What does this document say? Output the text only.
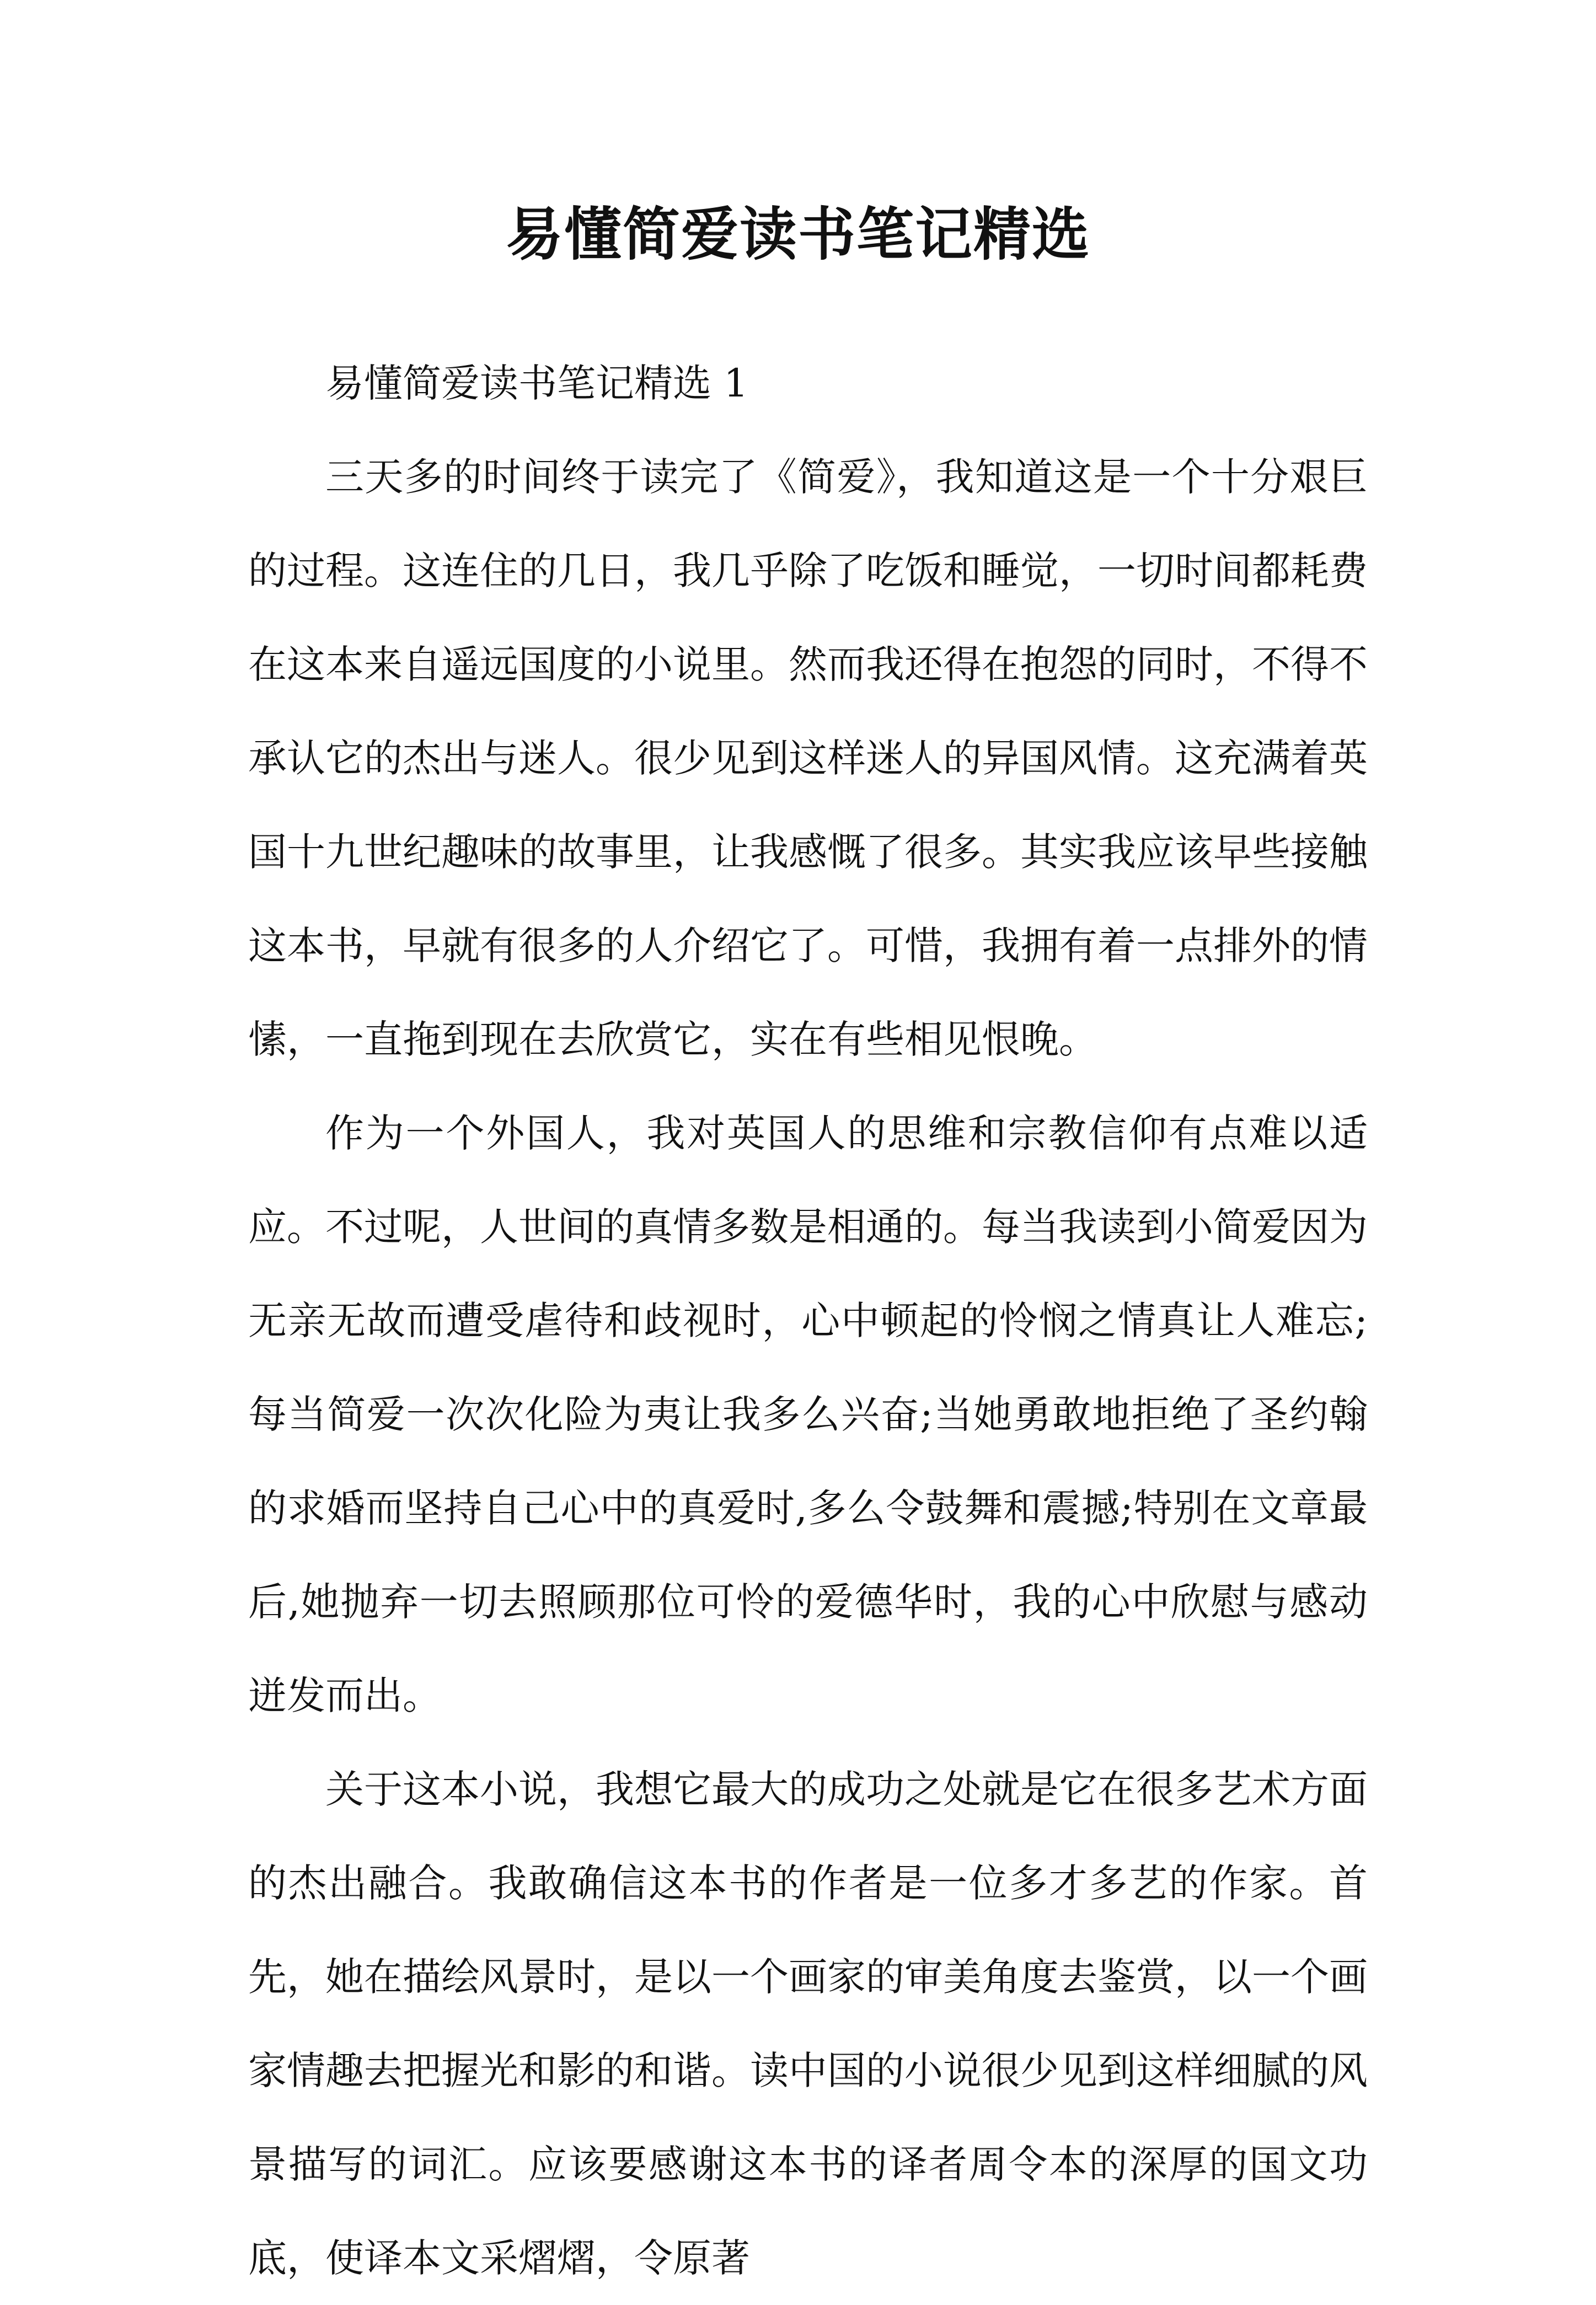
易懂简爱读书笔记精选

易懂简爱读书笔记精选 1

三天多的时间终于读完了《简爱》，我知道这是一个十分艰巨的过程。这连住的几日，我几乎除了吃饭和睡觉，一切时间都耗费在这本来自遥远国度的小说里。然而我还得在抱怨的同时，不得不承认它的杰出与迷人。很少见到这样迷人的异国风情。这充满着英国十九世纪趣味的故事里，让我感慨了很多。其实我应该早些接触这本书，早就有很多的人介绍它了。可惜，我拥有着一点排外的情愫，一直拖到现在去欣赏它，实在有些相见恨晚。

作为一个外国人，我对英国人的思维和宗教信仰有点难以适应。不过呢，人世间的真情多数是相通的。每当我读到小简爱因为无亲无故而遭受虐待和歧视时，心中顿起的怜悯之情真让人难忘;每当简爱一次次化险为夷让我多么兴奋;当她勇敢地拒绝了圣约翰的求婚而坚持自己心中的真爱时,多么令鼓舞和震撼;特别在文章最后,她抛弃一切去照顾那位可怜的爱德华时，我的心中欣慰与感动迸发而出。

关于这本小说，我想它最大的成功之处就是它在很多艺术方面的杰出融合。我敢确信这本书的作者是一位多才多艺的作家。首先，她在描绘风景时，是以一个画家的审美角度去鉴赏，以一个画家情趣去把握光和影的和谐。读中国的小说很少见到这样细腻的风景描写的词汇。应该要感谢这本书的译者周令本的深厚的国文功底，使译本文采熠熠，令原著
